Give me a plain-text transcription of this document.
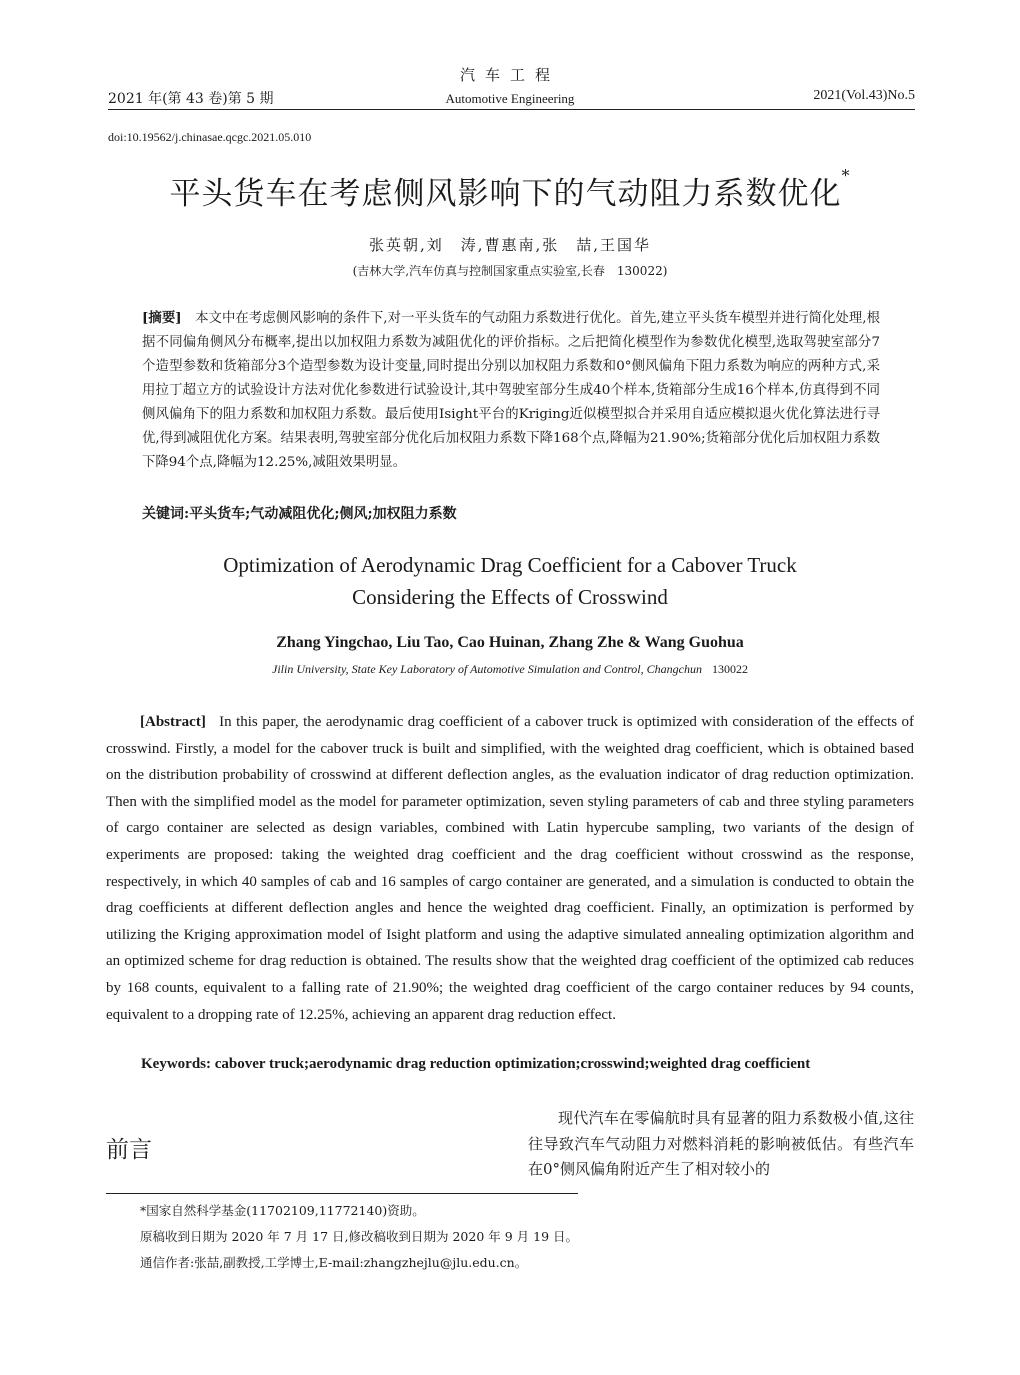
汽车工程
2021 年(第 43 卷)第 5 期	Automotive Engineering	2021(Vol.43)No.5
doi:10.19562/j.chinasae.qcgc.2021.05.010
平头货车在考虑侧风影响下的气动阻力系数优化*
张英朝,刘　涛,曹惠南,张　喆,王国华
(吉林大学,汽车仿真与控制国家重点实验室,长春　130022)
[摘要]　 本文中在考虑侧风影响的条件下,对一平头货车的气动阻力系数进行优化。首先,建立平头货车模型并进行简化处理,根据不同偏角侧风分布概率,提出以加权阻力系数为减阻优化的评价指标。之后把简化模型作为参数优化模型,选取驾驶室部分7个造型参数和货箱部分3个造型参数为设计变量,同时提出分别以加权阻力系数和0°侧风偏角下阻力系数为响应的两种方式,采用拉丁超立方的试验设计方法对优化参数进行试验设计,其中驾驶室部分生成40个样本,货箱部分生成16个样本,仿真得到不同侧风偏角下的阻力系数和加权阻力系数。最后使用Isight平台的Kriging近似模型拟合并采用自适应模拟退火优化算法进行寻优,得到减阻优化方案。结果表明,驾驶室部分优化后加权阻力系数下降168个点,降幅为21.90%;货箱部分优化后加权阻力系数下降94个点,降幅为12.25%,减阻效果明显。
关键词:平头货车;气动减阻优化;侧风;加权阻力系数
Optimization of Aerodynamic Drag Coefficient for a Cabover Truck
Considering the Effects of Crosswind
Zhang Yingchao, Liu Tao, Cao Huinan, Zhang Zhe & Wang Guohua
Jilin University, State Key Laboratory of Automotive Simulation and Control, Changchun 130022
[Abstract] In this paper, the aerodynamic drag coefficient of a cabover truck is optimized with consideration of the effects of crosswind. Firstly, a model for the cabover truck is built and simplified, with the weighted drag coefficient, which is obtained based on the distribution probability of crosswind at different deflection angles, as the evaluation indicator of drag reduction optimization. Then with the simplified model as the model for parameter optimization, seven styling parameters of cab and three styling parameters of cargo container are selected as design variables, combined with Latin hypercube sampling, two variants of the design of experiments are proposed: taking the weighted drag coefficient and the drag coefficient without crosswind as the response, respectively, in which 40 samples of cab and 16 samples of cargo container are generated, and a simulation is conducted to obtain the drag coefficients at different deflection angles and hence the weighted drag coefficient. Finally, an optimization is performed by utilizing the Kriging approximation model of Isight platform and using the adaptive simulated annealing optimization algorithm and an optimized scheme for drag reduction is obtained. The results show that the weighted drag coefficient of the optimized cab reduces by 168 counts, equivalent to a falling rate of 21.90%; the weighted drag coefficient of the cargo container reduces by 94 counts, equivalent to a dropping rate of 12.25%, achieving an apparent drag reduction effect.
Keywords: cabover truck;aerodynamic drag reduction optimization;crosswind;weighted drag coefficient
前言
现代汽车在零偏航时具有显著的阻力系数极小值,这往往导致汽车气动阻力对燃料消耗的影响被低估。有些汽车在0°侧风偏角附近产生了相对较小的
*国家自然科学基金(11702109,11772140)资助。
原稿收到日期为 2020 年 7 月 17 日,修改稿收到日期为 2020 年 9 月 19 日。
通信作者:张喆,副教授,工学博士,E-mail:zhangzhejlu@jlu.edu.cn。
